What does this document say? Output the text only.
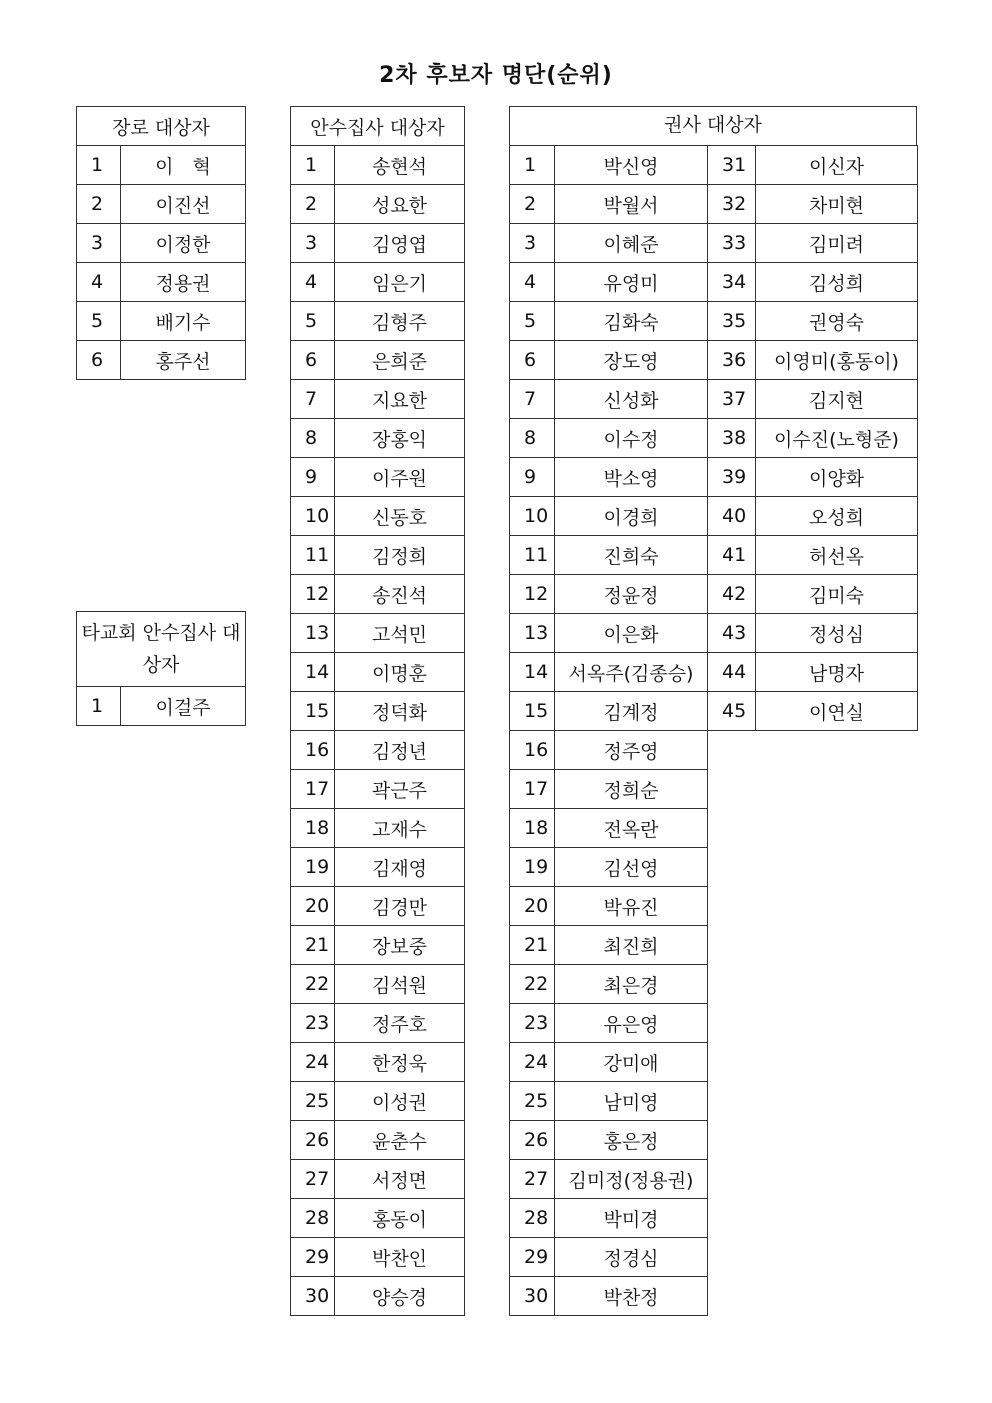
2차 후보자 명단(순위)
장로 대상자	
1	이　혁
2	이진선
3	이정한
4	정용권
5	배기수
6	홍주선
타교회 안수집사 대상자
1	이걸주
안수집사 대상자	
1	송현석
2	성요한
3	김영엽
4	임은기
5	김형주
6	은희준
7	지요한
8	장홍익
9	이주원
10	신동호
11	김정희
12	송진석
13	고석민
14	이명훈
15	정덕화
16	김정년
17	곽근주
18	고재수
19	김재영
20	김경만
21	장보중
22	김석원
23	정주호
24	한정욱
25	이성권
26	윤춘수
27	서정면
28	홍동이
29	박찬인
30	양승경

1	박신영
2	박월서
3	이혜준
4	유영미
5	김화숙
6	장도영
7	신성화
8	이수정
9	박소영
10	이경희
11	진희숙
12	정윤정
13	이은화
14	서옥주(김종승)
15	김계정
16	정주영
17	정희순
18	전옥란
19	김선영
20	박유진
21	최진희
22	최은경
23	유은영
24	강미애
25	남미영
26	홍은정
27	김미정(정용권)
28	박미경
29	정경심
30	박찬정
31	이신자
32	차미현
33	김미려
34	김성희
35	권영숙
36	이영미(홍동이)
37	김지현
38	이수진(노형준)
39	이양화
40	오성희
41	허선옥
42	김미숙
43	정성심
44	남명자
45	이연실
권사 대상자
